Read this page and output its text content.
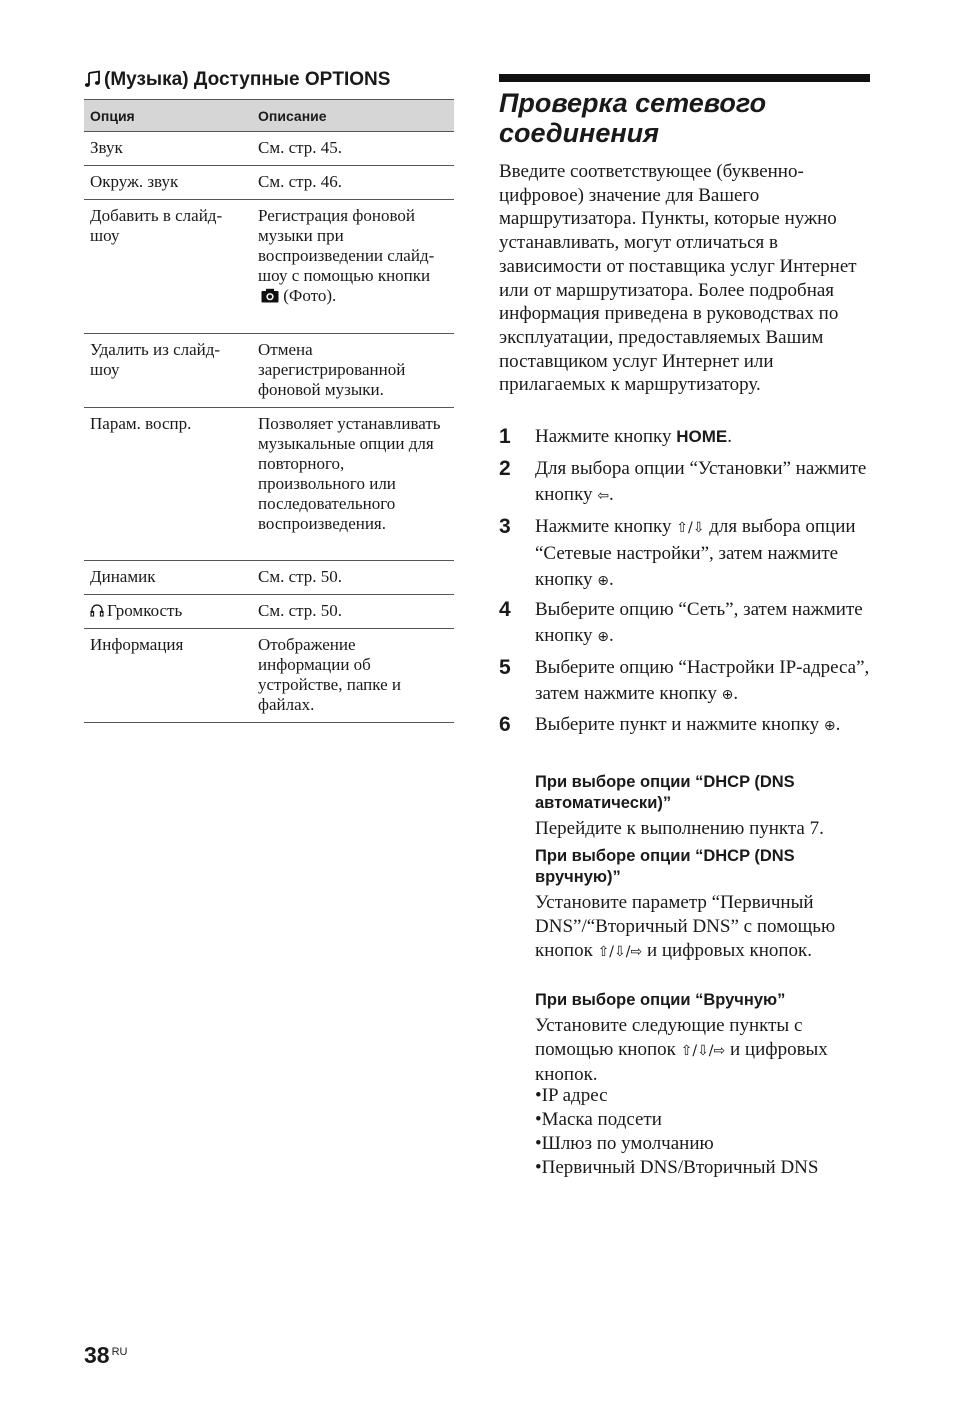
(Музыка) Доступные OPTIONS
Опция	Описание
Звук	См. стр. 45.
Окруж. звук	См. стр. 46.
Добавить в слайд-шоу	Регистрация фоновой музыки при воспроизведении слайд-шоу с помощью кнопки (Фото).
Удалить из слайд-шоу	Отмена зарегистрированной фоновой музыки.
Парам. воспр.	Позволяет устанавливать музыкальные опции для повторного, произвольного или последовательного воспроизведения.
Динамик	См. стр. 50.
Громкость	См. стр. 50.
Информация	Отображение информации об устройстве, папке и файлах.
38 $^{RU}$
Проверка сетевого соединения
Введите соответствующее (буквенно-цифровое) значение для Вашего маршрутизатора. Пункты, которые нужно устанавливать, могут отличаться в зависимости от поставщика услуг Интернет или от маршрутизатора. Более подробная информация приведена в руководствах по эксплуатации, предоставляемых Вашим поставщиком услуг Интернет или прилагаемых к маршрутизатору.
1 Нажмите кнопку HOME.
2 Для выбора опции “Установки” нажмите кнопку ⇦.
3 Нажмите кнопку ⇧/⇩ для выбора опции “Сетевые настройки”, затем нажмите кнопку ⊕.
4 Выберите опцию “Сеть”, затем нажмите кнопку ⊕.
5 Выберите опцию “Настройки IP-адреса”, затем нажмите кнопку ⊕.
6 Выберите пункт и нажмите кнопку ⊕.
При выборе опции “DHCP (DNS автоматически)”
Перейдите к выполнению пункта 7.
При выборе опции “DHCP (DNS вручную)”
Установите параметр “Первичный DNS”/“Вторичный DNS” с помощью кнопок ⇧/⇩/⇨ и цифровых кнопок.
При выборе опции “Вручную”
Установите следующие пункты с помощью кнопок ⇧/⇩/⇨ и цифровых кнопок.
•IP адрес
•Маска подсети
•Шлюз по умолчанию
•Первичный DNS/Вторичный DNS
